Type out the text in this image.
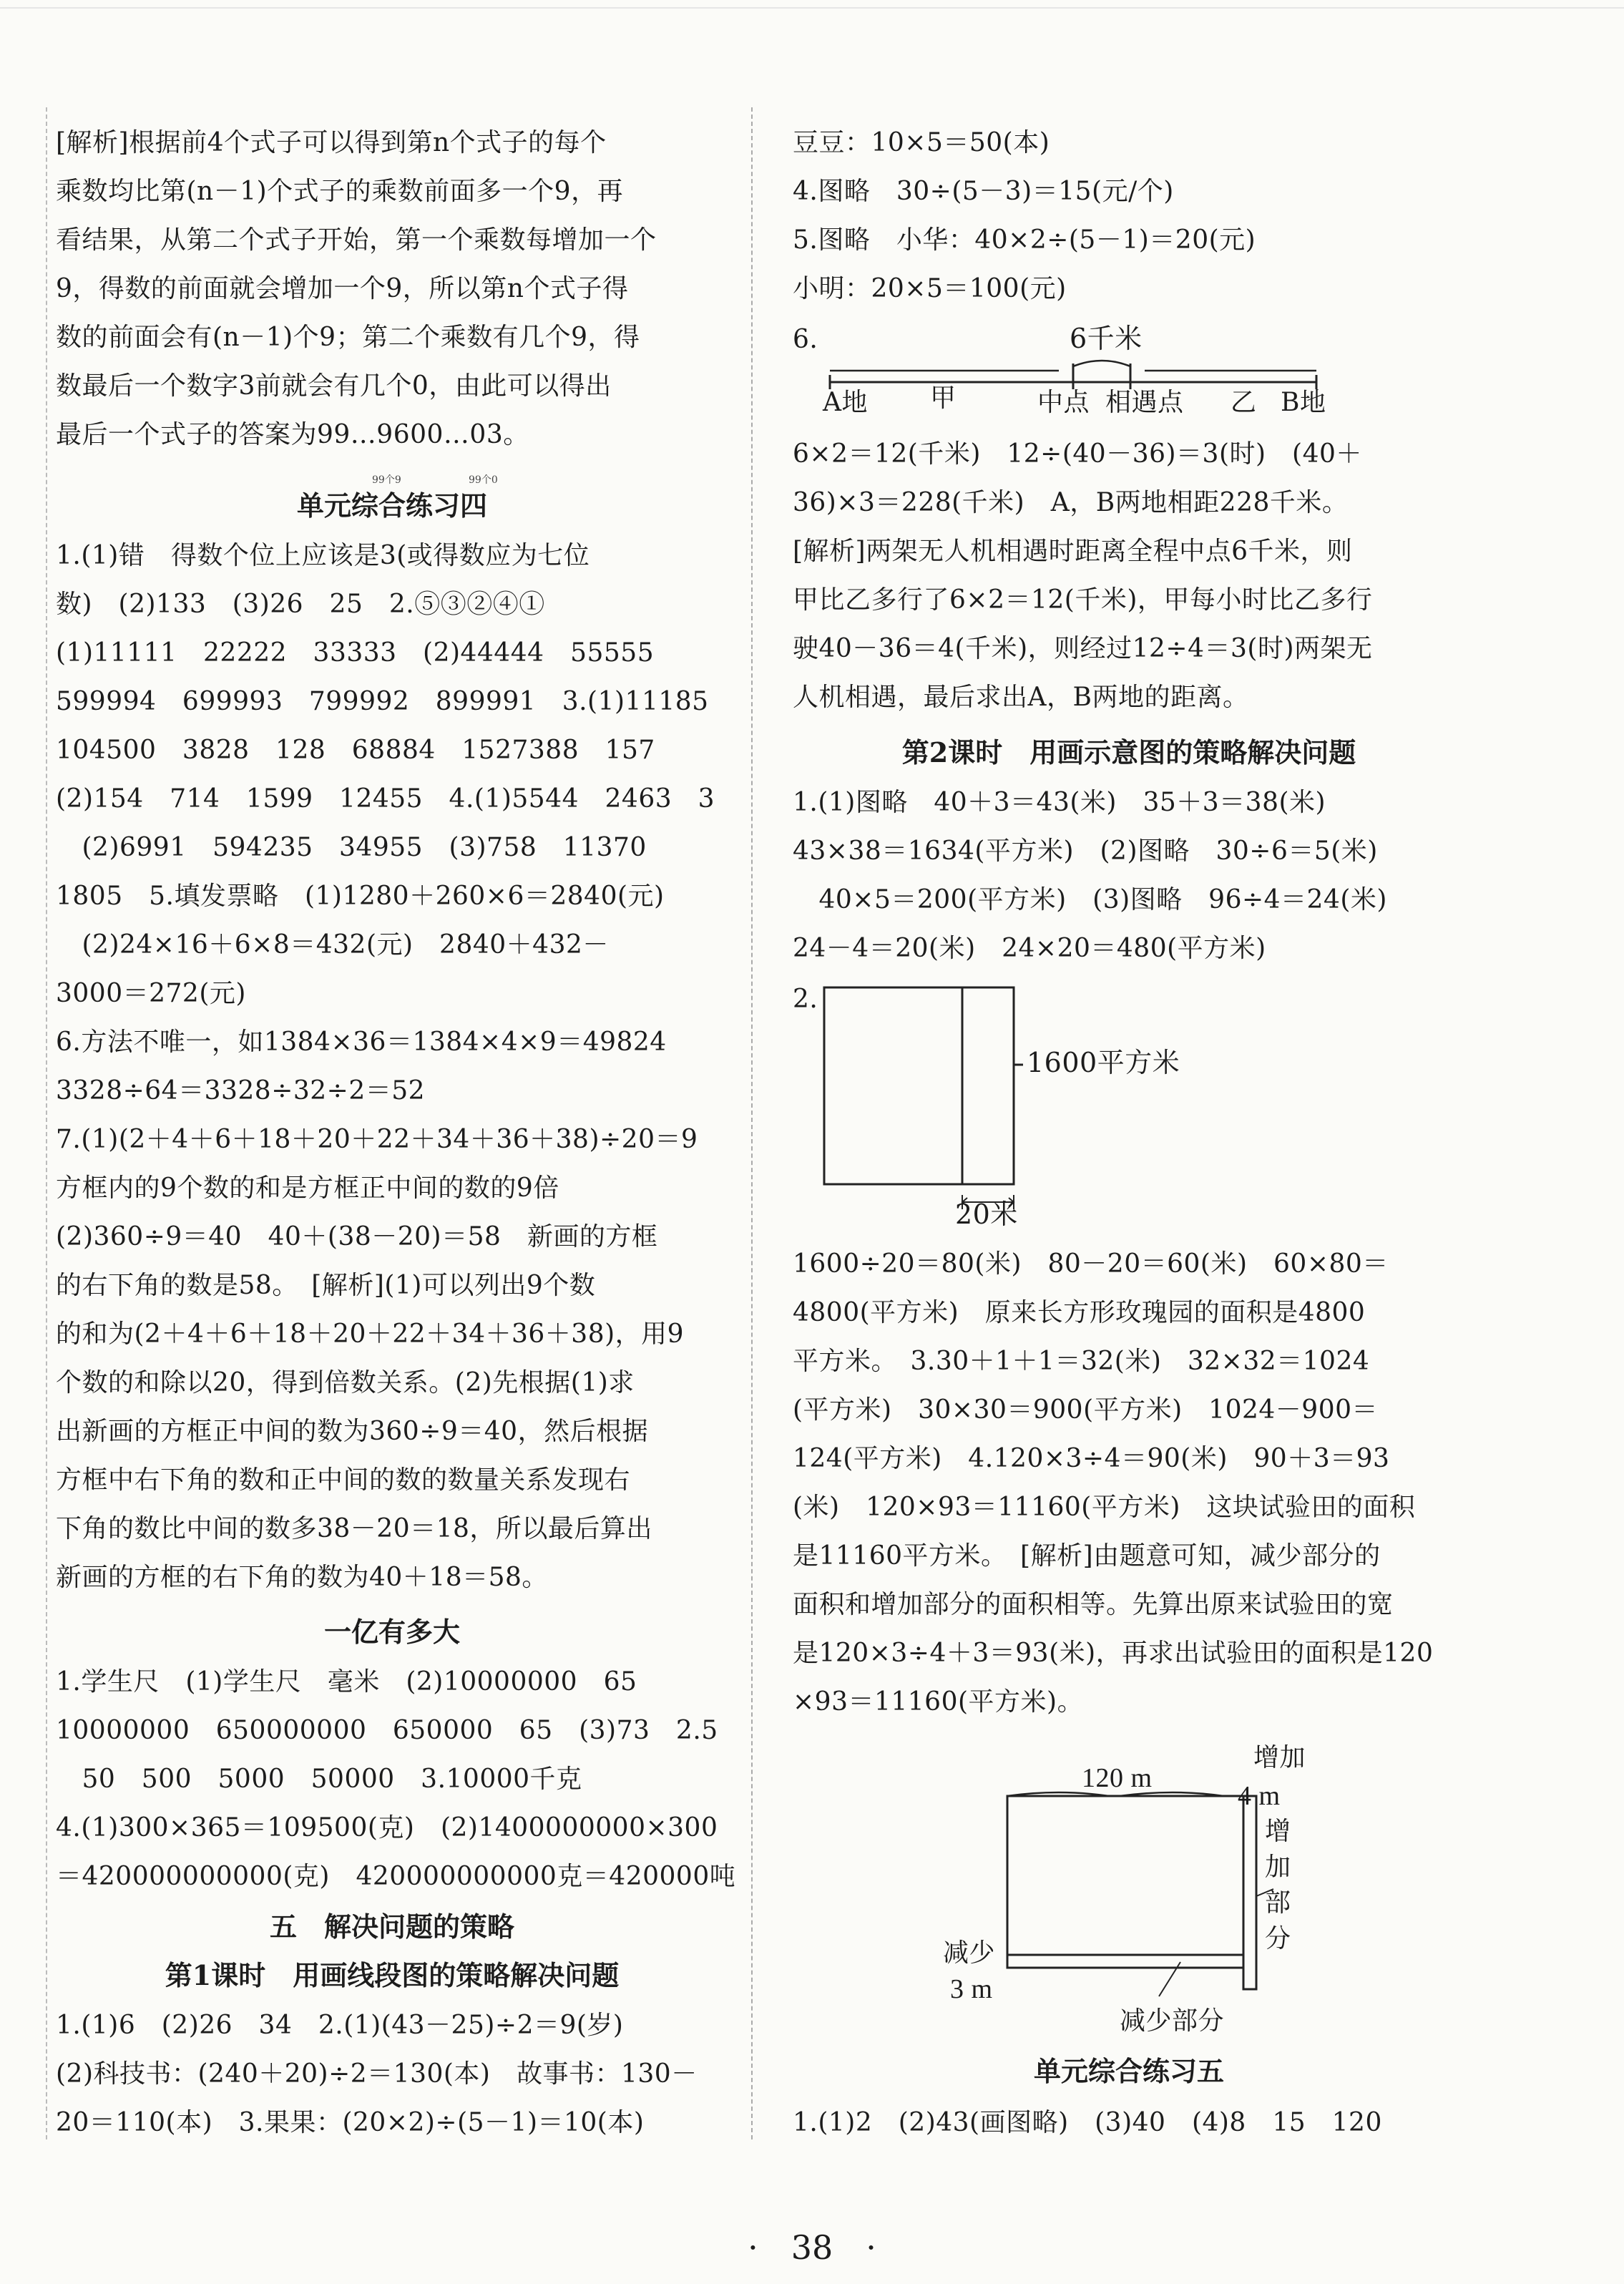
[解析]根据前4个式子可以得到第n个式子的每个
乘数均比第(n－1)个式子的乘数前面多一个9，再
看结果，从第二个式子开始，第一个乘数每增加一个
9，得数的前面就会增加一个9，所以第n个式子得
数的前面会有(n－1)个9；第二个乘数有几个9，得
数最后一个数字3前就会有几个0，由此可以得出
最后一个式子的答案为99…9600…03。
99个9	99个0
单元综合练习四
1.(1)错　得数个位上应该是3(或得数应为七位
数)　(2)133　(3)26　25　2.⑤③②④①
(1)11111　22222　33333　(2)44444　55555
599994　699993　799992　899991　3.(1)11185
104500　3828　128　68884　1527388　157
(2)154　714　1599　12455　4.(1)5544　2463　3
　(2)6991　594235　34955　(3)758　11370
1805　5.填发票略　(1)1280＋260×6＝2840(元)
　(2)24×16＋6×8＝432(元)　2840＋432－
3000＝272(元)
6.方法不唯一，如1384×36＝1384×4×9＝49824
3328÷64＝3328÷32÷2＝52
7.(1)(2＋4＋6＋18＋20＋22＋34＋36＋38)÷20＝9
方框内的9个数的和是方框正中间的数的9倍
(2)360÷9＝40　40＋(38－20)＝58　新画的方框
的右下角的数是58。　[解析](1)可以列出9个数
的和为(2＋4＋6＋18＋20＋22＋34＋36＋38)，用9
个数的和除以20，得到倍数关系。(2)先根据(1)求
出新画的方框正中间的数为360÷9＝40，然后根据
方框中右下角的数和正中间的数的数量关系发现右
下角的数比中间的数多38－20＝18，所以最后算出
新画的方框的右下角的数为40＋18＝58。
一亿有多大
1.学生尺　(1)学生尺　毫米　(2)10000000　65
10000000　650000000　650000　65　(3)73　2.5
　50　500　5000　50000　3.10000千克
4.(1)300×365＝109500(克)　(2)1400000000×300
＝420000000000(克)　420000000000克＝420000吨
五　解决问题的策略
第1课时　用画线段图的策略解决问题
1.(1)6　(2)26　34　2.(1)(43－25)÷2＝9(岁)
(2)科技书：(240＋20)÷2＝130(本)　故事书：130－
20＝110(本)　3.果果：(20×2)÷(5－1)＝10(本)
豆豆：10×5＝50(本)
4.图略　30÷(5－3)＝15(元/个)
5.图略　小华：40×2÷(5－1)＝20(元)
小明：20×5＝100(元)
6.	6千米
A地 甲	中点 相遇点 乙 B地
6×2＝12(千米)　12÷(40－36)＝3(时)　(40＋
36)×3＝228(千米)　A，B两地相距228千米。
[解析]两架无人机相遇时距离全程中点6千米，则
甲比乙多行了6×2＝12(千米)，甲每小时比乙多行
驶40－36＝4(千米)，则经过12÷4＝3(时)两架无
人机相遇，最后求出A，B两地的距离。
第2课时　用画示意图的策略解决问题
1.(1)图略　40＋3＝43(米)　35＋3＝38(米)
43×38＝1634(平方米)　(2)图略　30÷6＝5(米)
　40×5＝200(平方米)　(3)图略　96÷4＝24(米)
24－4＝20(米)　24×20＝480(平方米)
2.
1600平方米
20米
1600÷20＝80(米)　80－20＝60(米)　60×80＝
4800(平方米)　原来长方形玫瑰园的面积是4800
平方米。　3.30＋1＋1＝32(米)　32×32＝1024
(平方米)　30×30＝900(平方米)　1024－900＝
124(平方米)　4.120×3÷4＝90(米)　90＋3＝93
(米)　120×93＝11160(平方米)　这块试验田的面积
是11160平方米。　[解析]由题意可知，减少部分的
面积和增加部分的面积相等。先算出原来试验田的宽
是120×3÷4＋3＝93(米)，再求出试验田的面积是120
×93＝11160(平方米)。
120 m
增加
4 m
增
加
部
分
减少
3 m
减少部分
单元综合练习五
1.(1)2　(2)43(画图略)　(3)40　(4)8　15　120
·　38　·
